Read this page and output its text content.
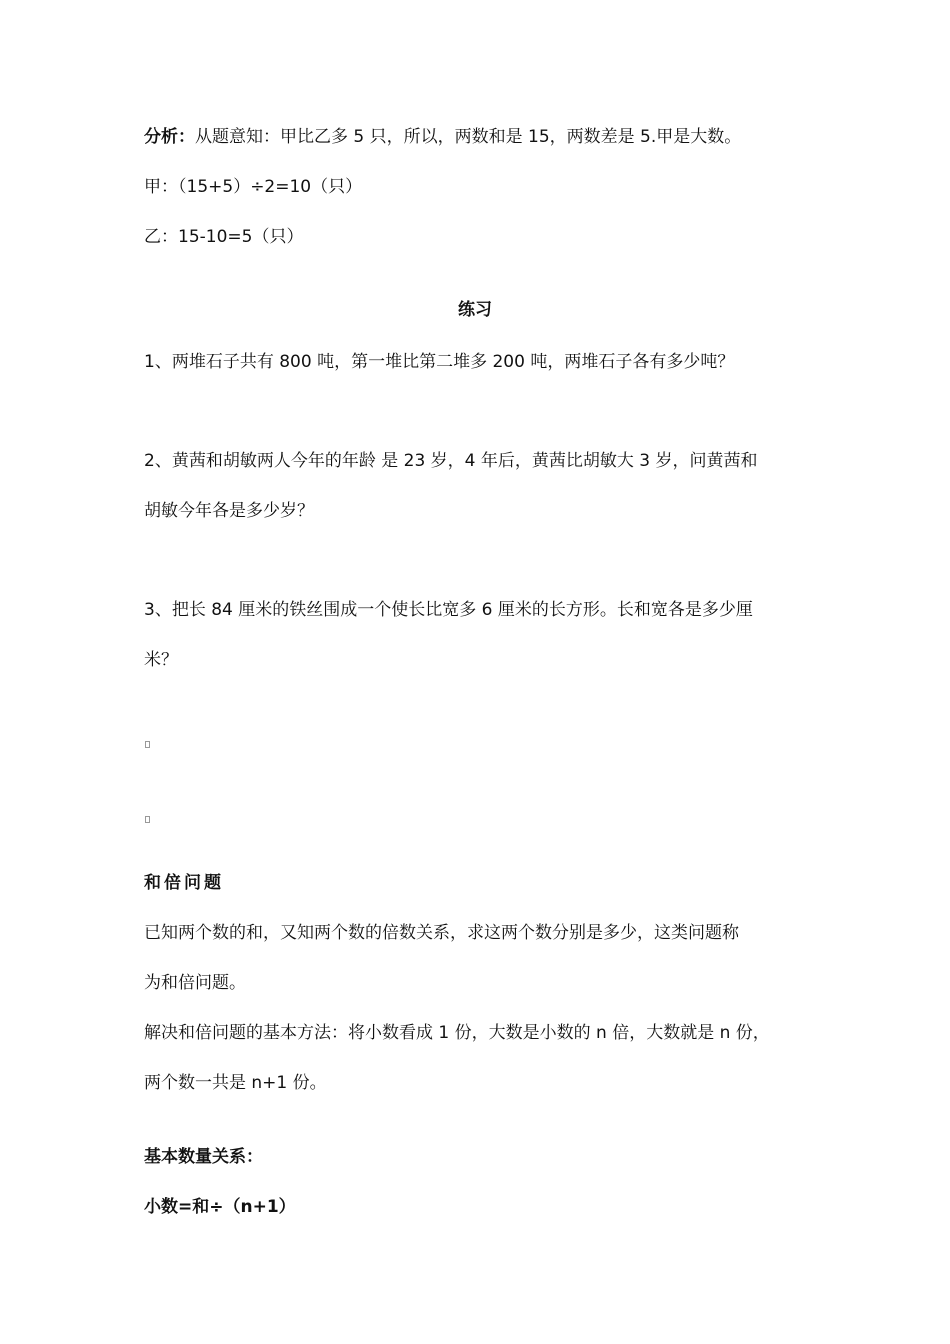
分析：从题意知：甲比乙多 5 只，所以，两数和是 15，两数差是 5.甲是大数。
甲：（15+5）÷2=10（只）
乙：15-10=5（只）
练习
1、两堆石子共有 800 吨，第一堆比第二堆多 200 吨，两堆石子各有多少吨？
2、黄茜和胡敏两人今年的年龄 是 23 岁，4 年后，黄茜比胡敏大 3 岁，问黄茜和
胡敏今年各是多少岁？
3、把长 84 厘米的铁丝围成一个使长比宽多 6 厘米的长方形。长和宽各是多少厘
米？
和倍问题
已知两个数的和，又知两个数的倍数关系，求这两个数分别是多少，这类问题称
为和倍问题。
解决和倍问题的基本方法：将小数看成 1 份，大数是小数的 n 倍，大数就是 n 份，
两个数一共是 n+1 份。
基本数量关系：
小数=和÷（n+1）
